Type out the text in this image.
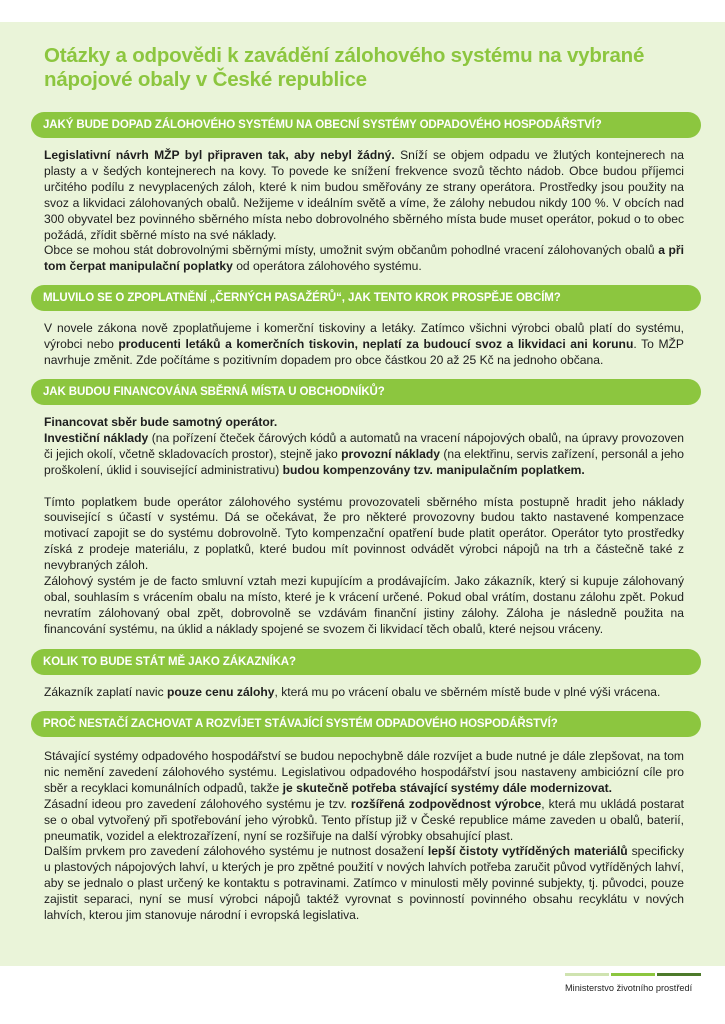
Otázky a odpovědi k zavádění zálohového systému na vybrané nápojové obaly v České republice
JAKÝ BUDE DOPAD ZÁLOHOVÉHO SYSTÉMU NA OBECNÍ SYSTÉMY ODPADOVÉHO HOSPODÁŘSTVÍ?

Legislativní návrh MŽP byl připraven tak, aby nebyl žádný. Sníží se objem odpadu ve žlutých kontejnerech na plasty a v šedých kontejnerech na kovy. To povede ke snížení frekvence svozů těchto nádob. Obce budou příjemci určitého podílu z nevyplacených záloh, které k nim budou směřovány ze strany operátora. Prostředky jsou použity na svoz a likvidaci zálohovaných obalů. Nežijeme v ideálním světě a víme, že zálohy nebudou nikdy 100 %. V obcích nad 300 obyvatel bez povinného sběrného místa nebo dobrovolného sběrného místa bude muset operátor, pokud o to obec požádá, zřídit sběrné místo na své náklady.

Obce se mohou stát dobrovolnými sběrnými místy, umožnit svým občanům pohodlné vracení zálohovaných obalů a při tom čerpat manipulační poplatky od operátora zálohového systému.

MLUVILO SE O ZPOPLATNĚNÍ „ČERNÝCH PASAŽÉRŮ“, JAK TENTO KROK PROSPĚJE OBCÍM?

V novele zákona nově zpoplatňujeme i komerční tiskoviny a letáky. Zatímco všichni výrobci obalů platí do systému, výrobci nebo producenti letáků a komerčních tiskovin, neplatí za budoucí svoz a likvidaci ani korunu. To MŽP navrhuje změnit. Zde počítáme s pozitivním dopadem pro obce částkou 20 až 25 Kč na jednoho občana.

JAK BUDOU FINANCOVÁNA SBĚRNÁ MÍSTA U OBCHODNÍKŮ?

Financovat sběr bude samotný operátor.

Investiční náklady (na pořízení čteček čárových kódů a automatů na vracení nápojových obalů, na úpravy provozoven či jejich okolí, včetně skladovacích prostor), stejně jako provozní náklady (na elektřinu, servis zařízení, personál a jeho proškolení, úklid i související administrativu) budou kompenzovány tzv. manipulačním poplatkem.

Tímto poplatkem bude operátor zálohového systému provozovateli sběrného místa postupně hradit jeho náklady související s účastí v systému. Dá se očekávat, že pro některé provozovny budou takto nastavené kompenzace motivací zapojit se do systému dobrovolně. Tyto kompenzační opatření bude platit operátor. Operátor tyto prostředky získá z prodeje materiálu, z poplatků, které budou mít povinnost odvádět výrobci nápojů na trh a částečně také z nevybraných záloh.

Zálohový systém je de facto smluvní vztah mezi kupujícím a prodávajícím. Jako zákazník, který si kupuje zálohovaný obal, souhlasím s vrácením obalu na místo, které je k vrácení určené. Pokud obal vrátím, dostanu zálohu zpět. Pokud nevratím zálohovaný obal zpět, dobrovolně se vzdávám finanční jistiny zálohy. Záloha je následně použita na financování systému, na úklid a náklady spojené se svozem či likvidací těch obalů, které nejsou vráceny.

KOLIK TO BUDE STÁT MĚ JAKO ZÁKAZNÍKA?

Zákazník zaplatí navic pouze cenu zálohy, která mu po vrácení obalu ve sběrném místě bude v plné výši vrácena.

PROČ NESTAČÍ ZACHOVAT A ROZVÍJET STÁVAJÍCÍ SYSTÉM ODPADOVÉHO HOSPODÁŘSTVÍ?

Stávající systémy odpadového hospodářství se budou nepochybně dále rozvíjet a bude nutné je dále zlepšovat, na tom nic nemění zavedení zálohového systému. Legislativou odpadového hospodářství jsou nastaveny ambiciózní cíle pro sběr a recyklaci komunálních odpadů, takže je skutečně potřeba stávající systémy dále modernizovat.

Zásadní ideou pro zavedení zálohového systému je tzv. rozšířená zodpovědnost výrobce, která mu ukládá postarat se o obal vytvořený při spotřebování jeho výrobků. Tento přístup již v České republice máme zaveden u obalů, baterií, pneumatik, vozidel a elektrozařízení, nyní se rozšiřuje na další výrobky obsahující plast.

Dalším prvkem pro zavedení zálohového systému je nutnost dosažení lepší čistoty vytříděných materiálů specificky u plastových nápojových lahví, u kterých je pro zpětné použití v nových lahvích potřeba zaručit původ vytříděných lahví, aby se jednalo o plast určený ke kontaktu s potravinami. Zatímco v minulosti měly povinné subjekty, tj. původci, pouze zajistit separaci, nyní se musí výrobci nápojů taktéž vyrovnat s povinností povinného obsahu recyklátu v nových lahvích, kterou jim stanovuje národní i evropská legislativa.

Ministerstvo životního prostředí
